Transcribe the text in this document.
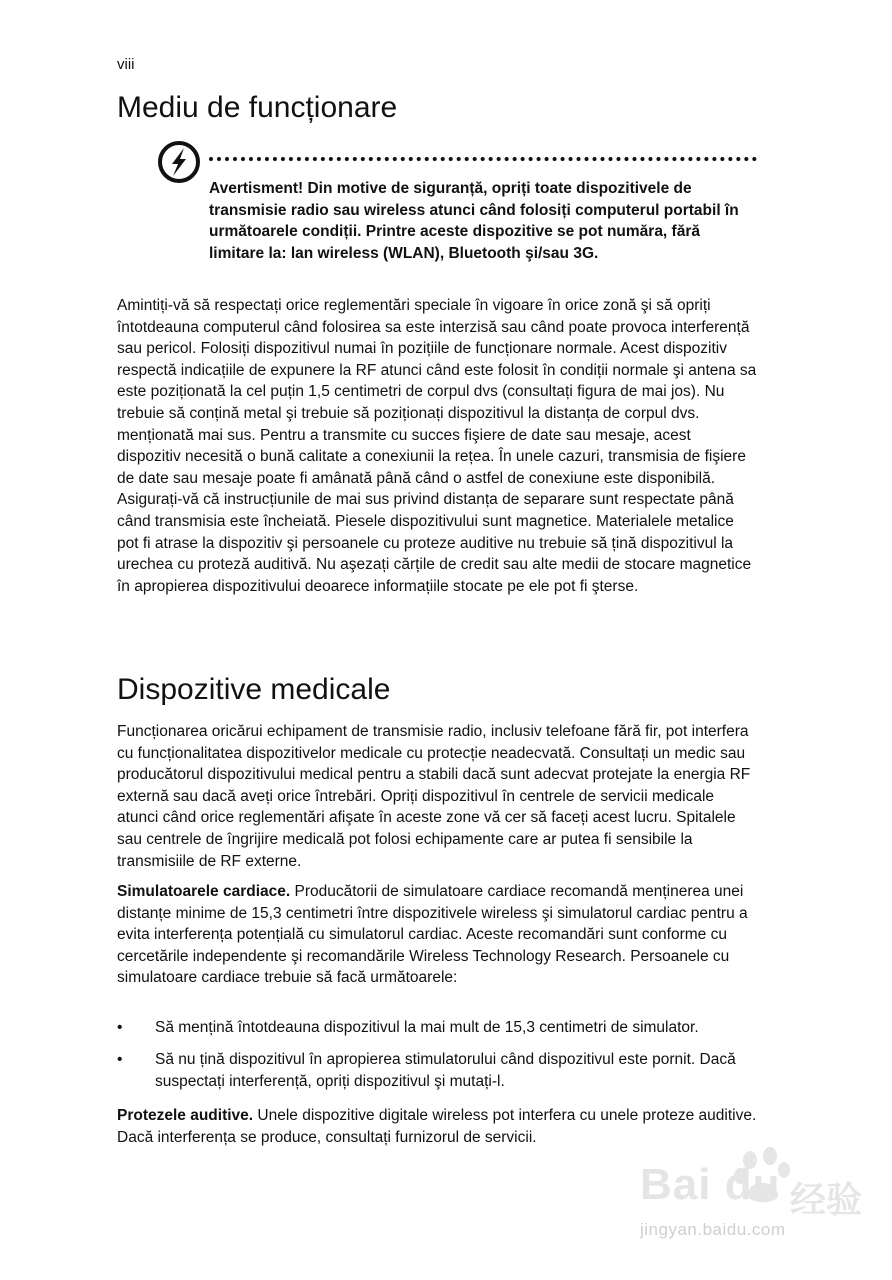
viii
Mediu de funcționare

Avertisment! Din motive de siguranță, opriți toate dispozitivele de transmisie radio sau wireless atunci când folosiți computerul portabil în următoarele condiții. Printre aceste dispozitive se pot număra, fără limitare la: lan wireless (WLAN), Bluetooth şi/sau 3G.

Amintiți-vă să respectați orice reglementări speciale în vigoare în orice zonă şi să opriți întotdeauna computerul când folosirea sa este interzisă sau când poate provoca interferență sau pericol. Folosiți dispozitivul numai în pozițiile de funcționare normale. Acest dispozitiv respectă indicațiile de expunere la RF atunci când este folosit în condiții normale şi antena sa este poziționată la cel puțin 1,5 centimetri de corpul dvs (consultați figura de mai jos). Nu trebuie să conțină metal şi trebuie să poziționați dispozitivul la distanța de corpul dvs. menționată mai sus. Pentru a transmite cu succes fişiere de date sau mesaje, acest dispozitiv necesită o bună calitate a conexiunii la rețea. În unele cazuri, transmisia de fişiere de date sau mesaje poate fi amânată până când o astfel de conexiune este disponibilă. Asigurați-vă că instrucțiunile de mai sus privind distanța de separare sunt respectate până când transmisia este încheiată. Piesele dispozitivului sunt magnetice. Materialele metalice pot fi atrase la dispozitiv şi persoanele cu proteze auditive nu trebuie să țină dispozitivul la urechea cu proteză auditivă. Nu aşezați cărțile de credit sau alte medii de stocare magnetice în apropierea dispozitivului deoarece informațiile stocate pe ele pot fi şterse.

Dispozitive medicale

Funcționarea oricărui echipament de transmisie radio, inclusiv telefoane fără fir, pot interfera cu funcționalitatea dispozitivelor medicale cu protecție neadecvată. Consultați un medic sau producătorul dispozitivului medical pentru a stabili dacă sunt adecvat protejate la energia RF externă sau dacă aveți orice întrebări. Opriți dispozitivul în centrele de servicii medicale atunci când orice reglementări afişate în aceste zone vă cer să faceți acest lucru. Spitalele sau centrele de îngrijire medicală pot folosi echipamente care ar putea fi sensibile la transmisiile de RF externe.

Simulatoarele cardiace. Producătorii de simulatoare cardiace recomandă menținerea unei distanțe minime de 15,3 centimetri între dispozitivele wireless şi simulatorul cardiac pentru a evita interferența potențială cu simulatorul cardiac. Aceste recomandări sunt conforme cu cercetările independente şi recomandările Wireless Technology Research. Persoanele cu simulatoare cardiace trebuie să facă următoarele:

• Să mențină întotdeauna dispozitivul la mai mult de 15,3 centimetri de simulator.

• Să nu țină dispozitivul în apropierea stimulatorului când dispozitivul este pornit. Dacă suspectați interferență, opriți dispozitivul şi mutați-l.

Protezele auditive. Unele dispozitive digitale wireless pot interfera cu unele proteze auditive. Dacă interferența se produce, consultați furnizorul de servicii.

Bai du 经验
jingyan.baidu.com
